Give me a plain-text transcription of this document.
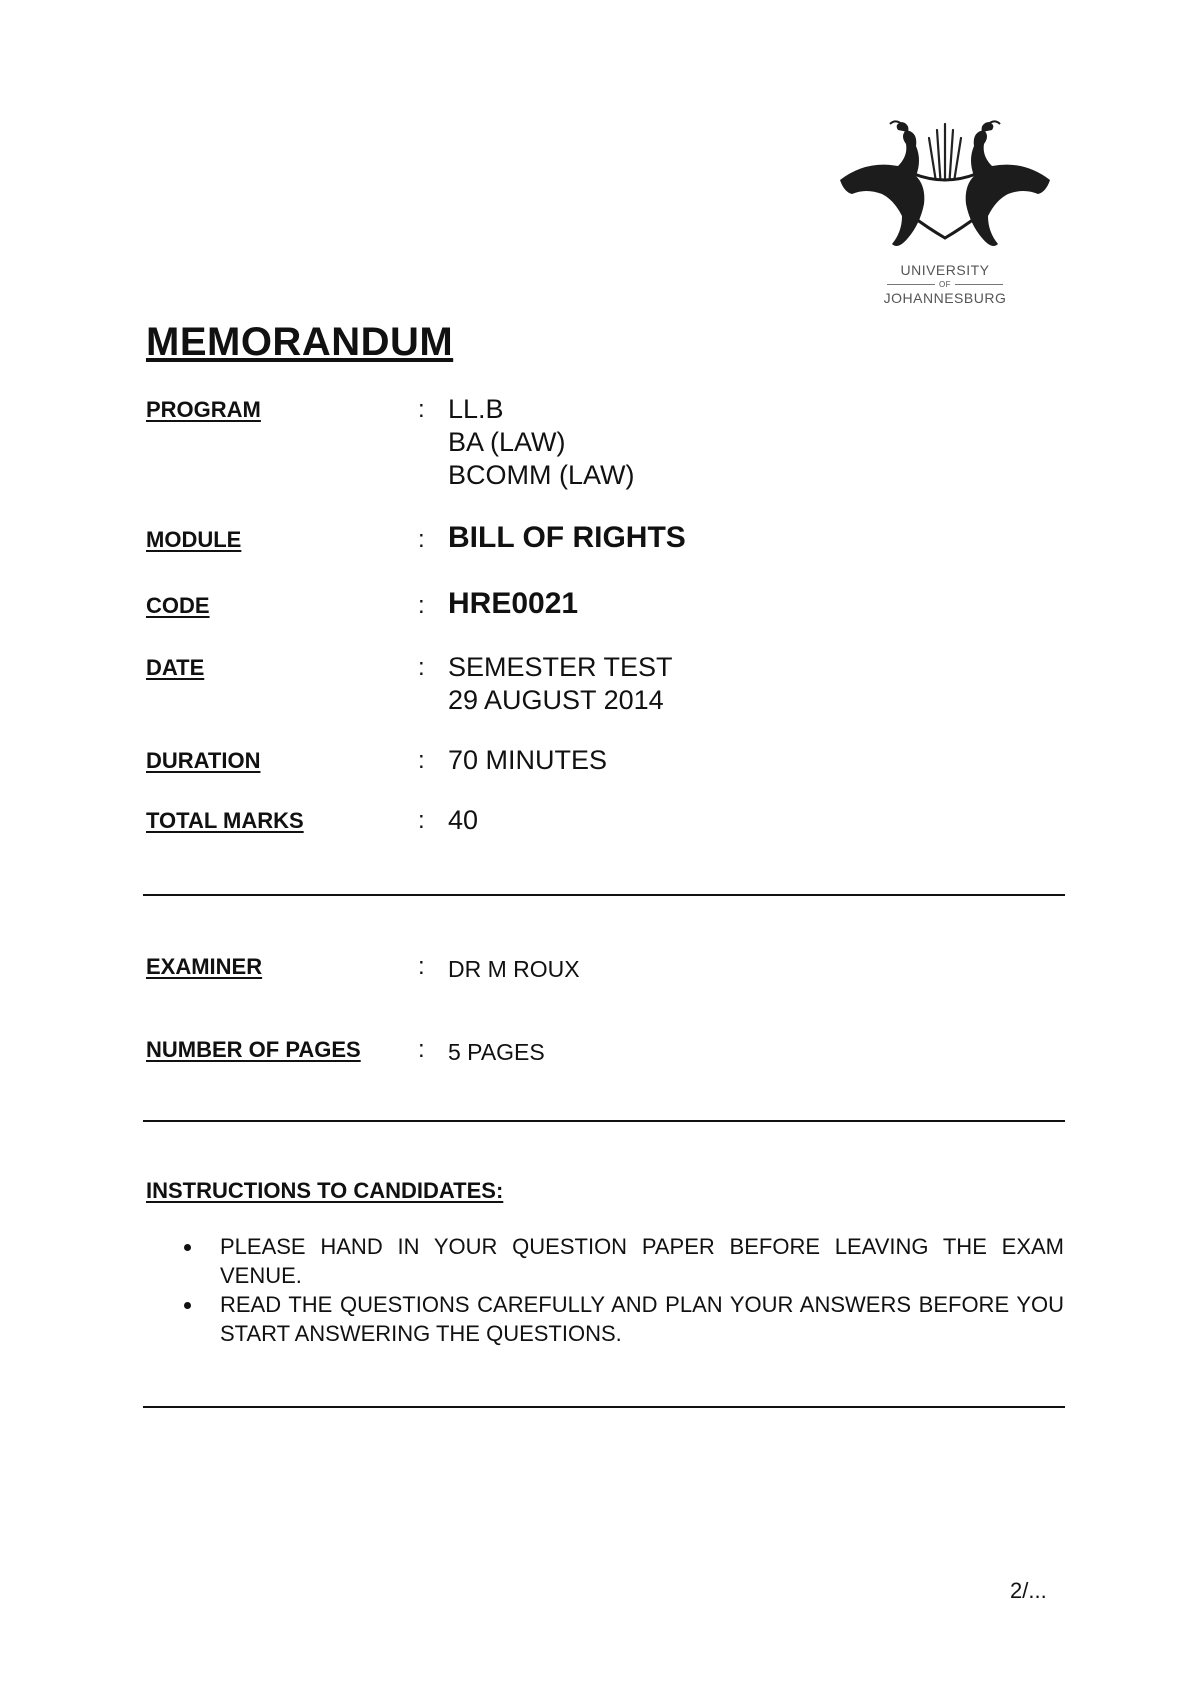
UNIVERSITY
OF
JOHANNESBURG
MEMORANDUM
PROGRAM	: LL.B
BA (LAW)
BCOMM (LAW)
MODULE	: BILL OF RIGHTS
CODE	: HRE0021
DATE	: SEMESTER TEST
29 AUGUST 2014
DURATION	: 70 MINUTES
TOTAL MARKS	: 40
EXAMINER	: DR M ROUX
NUMBER OF PAGES : 5 PAGES
INSTRUCTIONS TO CANDIDATES:
PLEASE HAND IN YOUR QUESTION PAPER BEFORE LEAVING THE EXAM VENUE.
READ THE QUESTIONS CAREFULLY AND PLAN YOUR ANSWERS BEFORE YOU START ANSWERING THE QUESTIONS.
2/...
